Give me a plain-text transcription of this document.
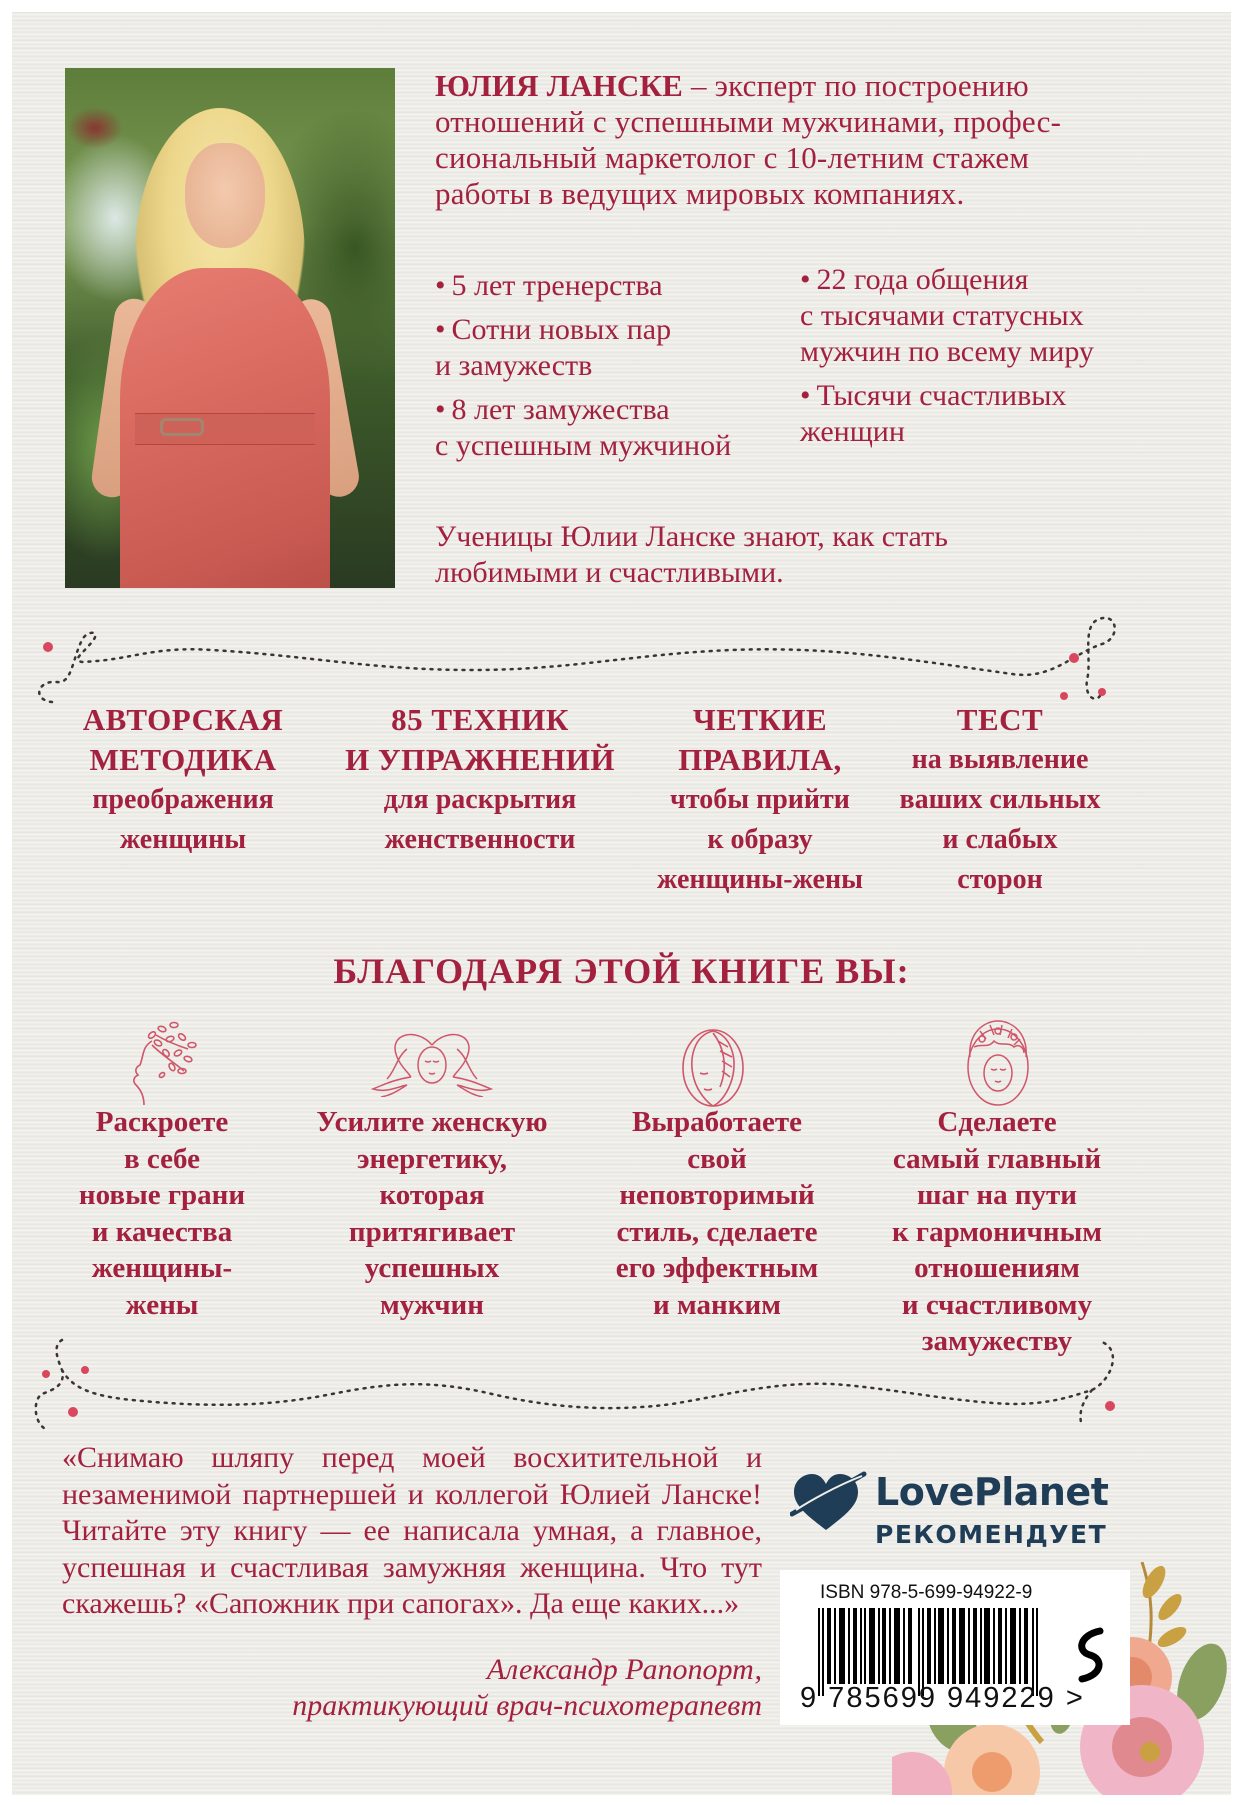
ЮЛИЯ ЛАНСКЕ – эксперт по построению
отношений с успешными мужчинами, профес-
сиональный маркетолог с 10-летним стажем
работы в ведущих мировых компаниях.
• 5 лет тренерства
• Сотни новых пар
и замужеств
• 8 лет замужества
с успешным мужчиной
• 22 года общения
с тысячами статусных
мужчин по всему миру
• Тысячи счастливых
женщин
Ученицы Юлии Ланске знают, как стать
любимыми и счастливыми.
АВТОРСКАЯ
МЕТОДИКА
преображения
женщины
85 ТЕХНИК
И УПРАЖНЕНИЙ
для раскрытия
женственности
ЧЕТКИЕ
ПРАВИЛА,
чтобы прийти
к образу
женщины-жены
ТЕСТ
на выявление
ваших сильных
и слабых
сторон
БЛАГОДАРЯ ЭТОЙ КНИГЕ ВЫ:
Раскроете
в себе
новые грани
и качества
женщины-
жены
Усилите женскую
энергетику,
которая
притягивает
успешных
мужчин
Выработаете
свой
неповторимый
стиль, сделаете
его эффектным
и манким
Сделаете
самый главный
шаг на пути
к гармоничным
отношениям
и счастливому
замужеству
«Снимаю шляпу перед моей восхитительной и незаменимой партнершей и коллегой Юлией Ланске! Читайте эту книгу — ее написала умная, а главное, успешная и счастливая замужняя женщина. Что тут скажешь? «Сапожник при сапогах». Да еще каких...»
Александр Рапопорт,
практикующий врач-психотерапевт
LovePlanet
РЕКОМЕНДУЕТ
ISBN 978-5-699-94922-9
9 785699 949229 >
